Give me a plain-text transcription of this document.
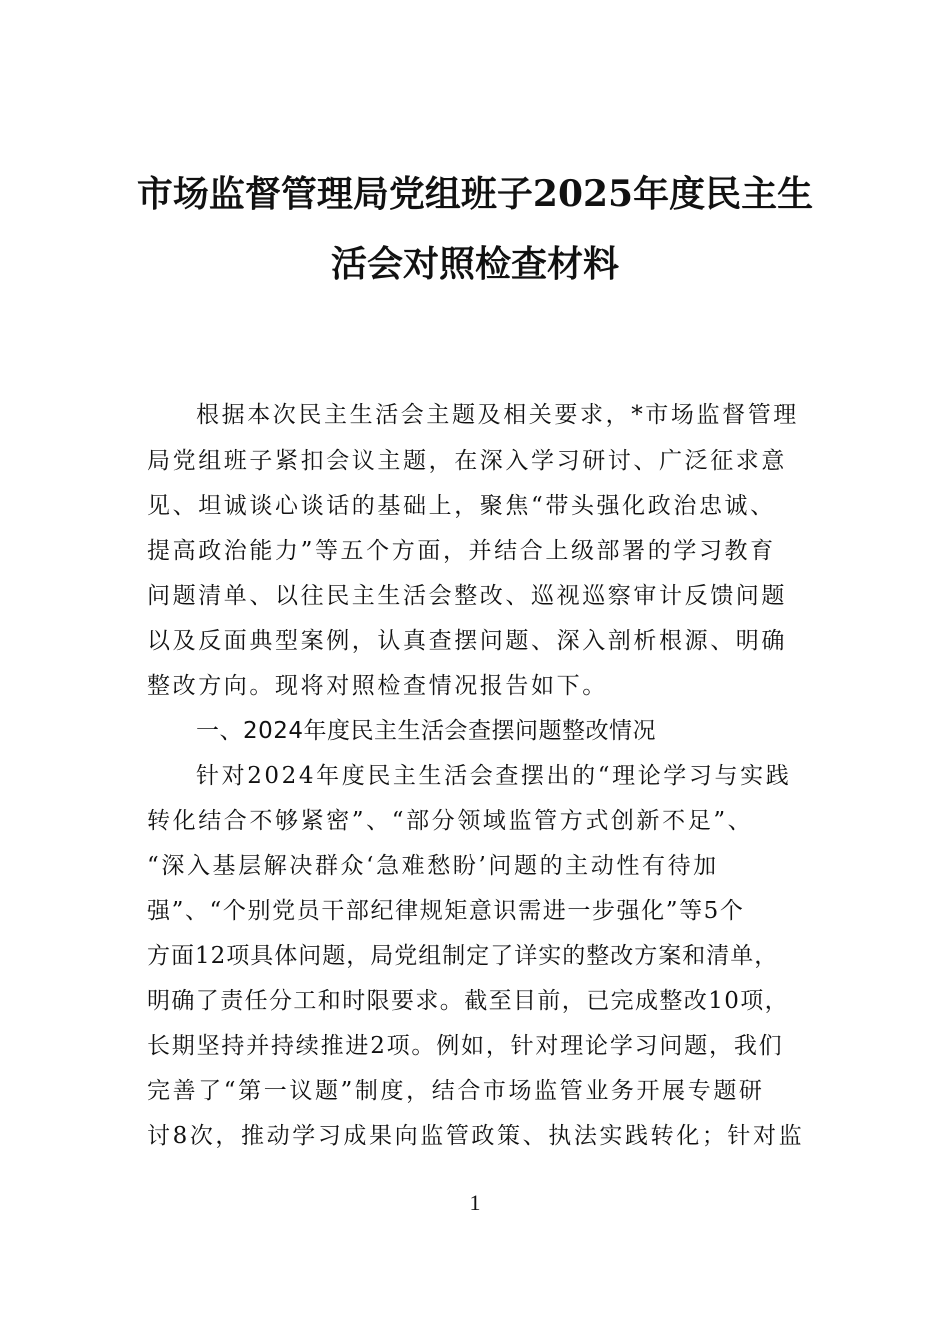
市场监督管理局党组班子2025年度民主生
活会对照检查材料
根据本次民主生活会主题及相关要求，*市场监督管理
局党组班子紧扣会议主题，在深入学习研讨、广泛征求意
见、坦诚谈心谈话的基础上，聚焦“带头强化政治忠诚、
提高政治能力”等五个方面，并结合上级部署的学习教育
问题清单、以往民主生活会整改、巡视巡察审计反馈问题
以及反面典型案例，认真查摆问题、深入剖析根源、明确
整改方向。现将对照检查情况报告如下。
一、2024年度民主生活会查摆问题整改情况
针对2024年度民主生活会查摆出的“理论学习与实践
转化结合不够紧密”、“部分领域监管方式创新不足”、
“深入基层解决群众‘急难愁盼’问题的主动性有待加
强”、“个别党员干部纪律规矩意识需进一步强化”等5个
方面12项具体问题，局党组制定了详实的整改方案和清单，
明确了责任分工和时限要求。截至目前，已完成整改10项，
长期坚持并持续推进2项。例如，针对理论学习问题，我们
完善了“第一议题”制度，结合市场监管业务开展专题研
讨8次，推动学习成果向监管政策、执法实践转化；针对监
1
